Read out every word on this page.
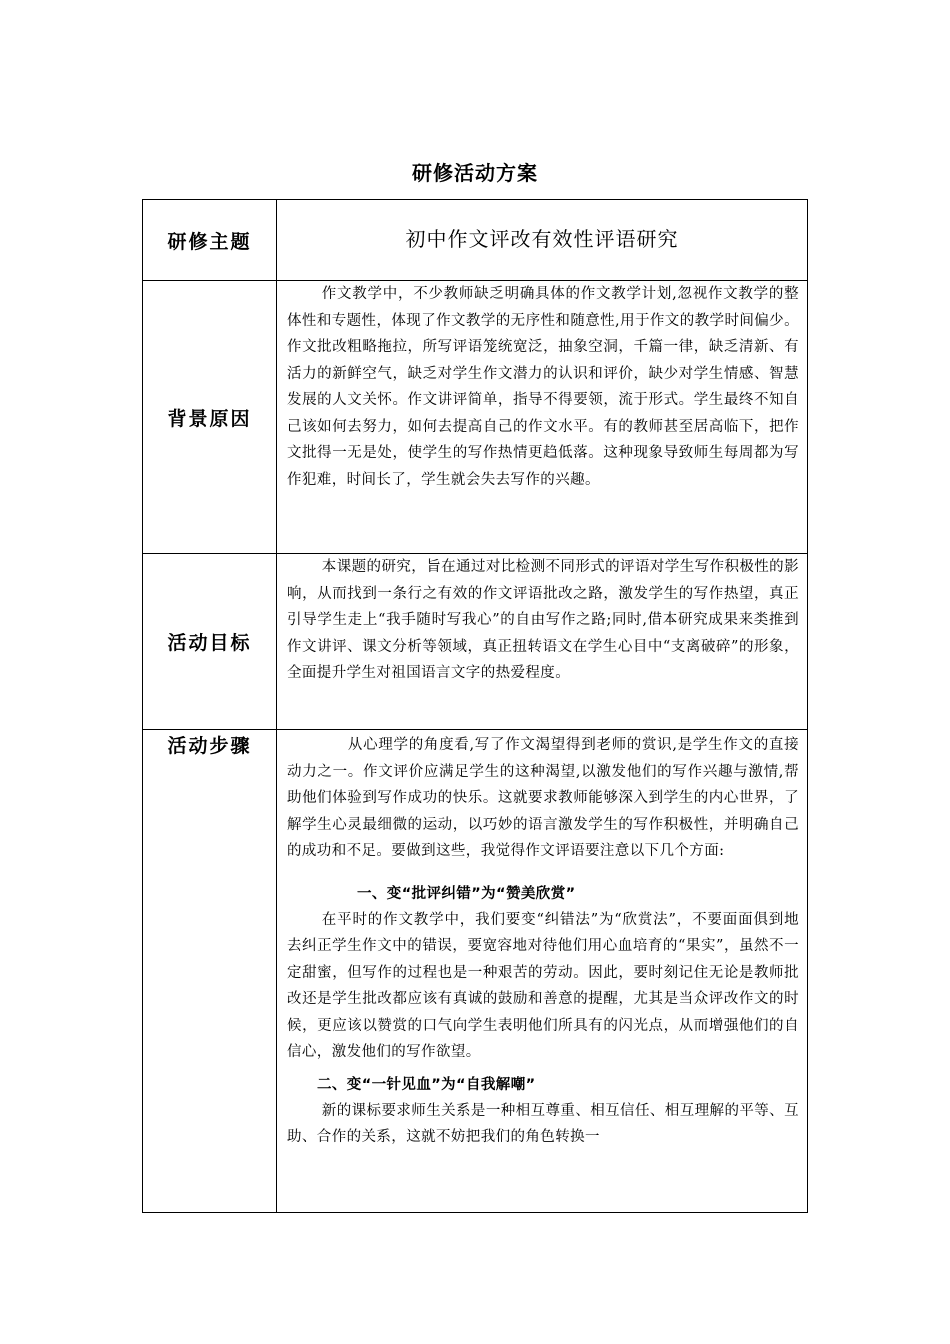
研修活动方案
研修主题	初中作文评改有效性评语研究

背景原因	作文教学中，不少教师缺乏明确具体的作文教学计划,忽视作文教学的整体性和专题性，体现了作文教学的无序性和随意性,用于作文的教学时间偏少。作文批改粗略拖拉，所写评语笼统宽泛，抽象空洞，千篇一律，缺乏清新、有活力的新鲜空气，缺乏对学生作文潜力的认识和评价，缺少对学生情感、智慧发展的人文关怀。作文讲评简单，指导不得要领，流于形式。学生最终不知自己该如何去努力，如何去提高自己的作文水平。有的教师甚至居高临下，把作文批得一无是处，使学生的写作热情更趋低落。这种现象导致师生每周都为写作犯难，时间长了，学生就会失去写作的兴趣。

活动目标	本课题的研究，旨在通过对比检测不同形式的评语对学生写作积极性的影响，从而找到一条行之有效的作文评语批改之路，激发学生的写作热望，真正引导学生走上“我手随时写我心”的自由写作之路;同时,借本研究成果来类推到作文讲评、课文分析等领域，真正扭转语文在学生心目中“支离破碎”的形象，全面提升学生对祖国语言文字的热爱程度。

活动步骤	从心理学的角度看,写了作文渴望得到老师的赏识,是学生作文的直接动力之一。作文评价应满足学生的这种渴望,以激发他们的写作兴趣与激情,帮助他们体验到写作成功的快乐。这就要求教师能够深入到学生的内心世界，了解学生心灵最细微的运动，以巧妙的语言激发学生的写作积极性，并明确自己的成功和不足。要做到这些，我觉得作文评语要注意以下几个方面:

一、变“批评纠错”为“赞美欣赏”

在平时的作文教学中，我们要变“纠错法”为“欣赏法”，不要面面俱到地去纠正学生作文中的错误，要宽容地对待他们用心血培育的“果实”，虽然不一定甜蜜，但写作的过程也是一种艰苦的劳动。因此，要时刻记住无论是教师批改还是学生批改都应该有真诚的鼓励和善意的提醒，尤其是当众评改作文的时候，更应该以赞赏的口气向学生表明他们所具有的闪光点，从而增强他们的自信心，激发他们的写作欲望。

二、变“一针见血”为“自我解嘲”

新的课标要求师生关系是一种相互尊重、相互信任、相互理解的平等、互助、合作的关系，这就不妨把我们的角色转换一
